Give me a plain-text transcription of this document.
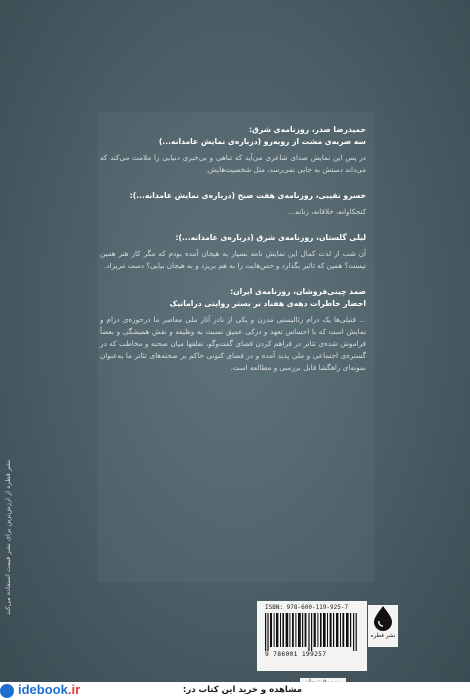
حمیدرضا صدر، روزنامه‌ی شرق:
سه ضربه‌ی مشت از روبه‌رو (درباره‌ی نمایش عامدانه...)
در پس این نمایش صدای شاعری می‌آید که تباهی و بی‌خبری دنیایی را ملامت می‌کند که می‌داند دستش به جایی نمی‌رسد، مثل شخصیت‌هایش.
خسرو نقیبی، روزنامه‌ی هفت صبح (درباره‌ی نمایش عامدانه...):
کنجکاوانه، خلاقانه، زنانه...
لیلی گلستان، روزنامه‌ی شرق (درباره‌ی عامدانه...):
آن شب از لذت کمال این نمایش نامه بسیار به هیجان آمده بودم که مگر کار هنر همین نیست؟ همین که تاثیر بگذارد و حس‌هایت را به هم بریزد و به هیجان بیایی؟ دست مریزاد.
صمد چینی‌فروشان، روزنامه‌ی ایران:
احضار خاطرات دهه‌ی هفتاد بر بستر روایتی دراماتیک
... فتیلی‌ها یک درام رئالیستی مدرن و یکی از نادر آثار ملی معاصر ما درحوزه‌ی درام و نمایش است که با احساس تعهد و درکی عمیق نسبت به وظیفه و نقش همیشگی و بعضاً فراموش شده‌ی تئاتر در فراهم کردن فضای گفت‌وگو، تعلقها میان صحنه و مخاطب که در گستره‌ی اجتماعی و ملی پدید آمده و در فضای کنونی حاکم بر صحنه‌های تئاتر ما به‌عنوان نمونه‌ای راهگشا قابل بررسی و مطالعه است.
نشر قطره از ارزش‌ترین برای نشر قیمت استفاده می‌کند	ISBN: 978-600-119-925-7
9 786001 199257
نشر قطره
idebook.ir	مشاهده و خرید این کتاب در:
